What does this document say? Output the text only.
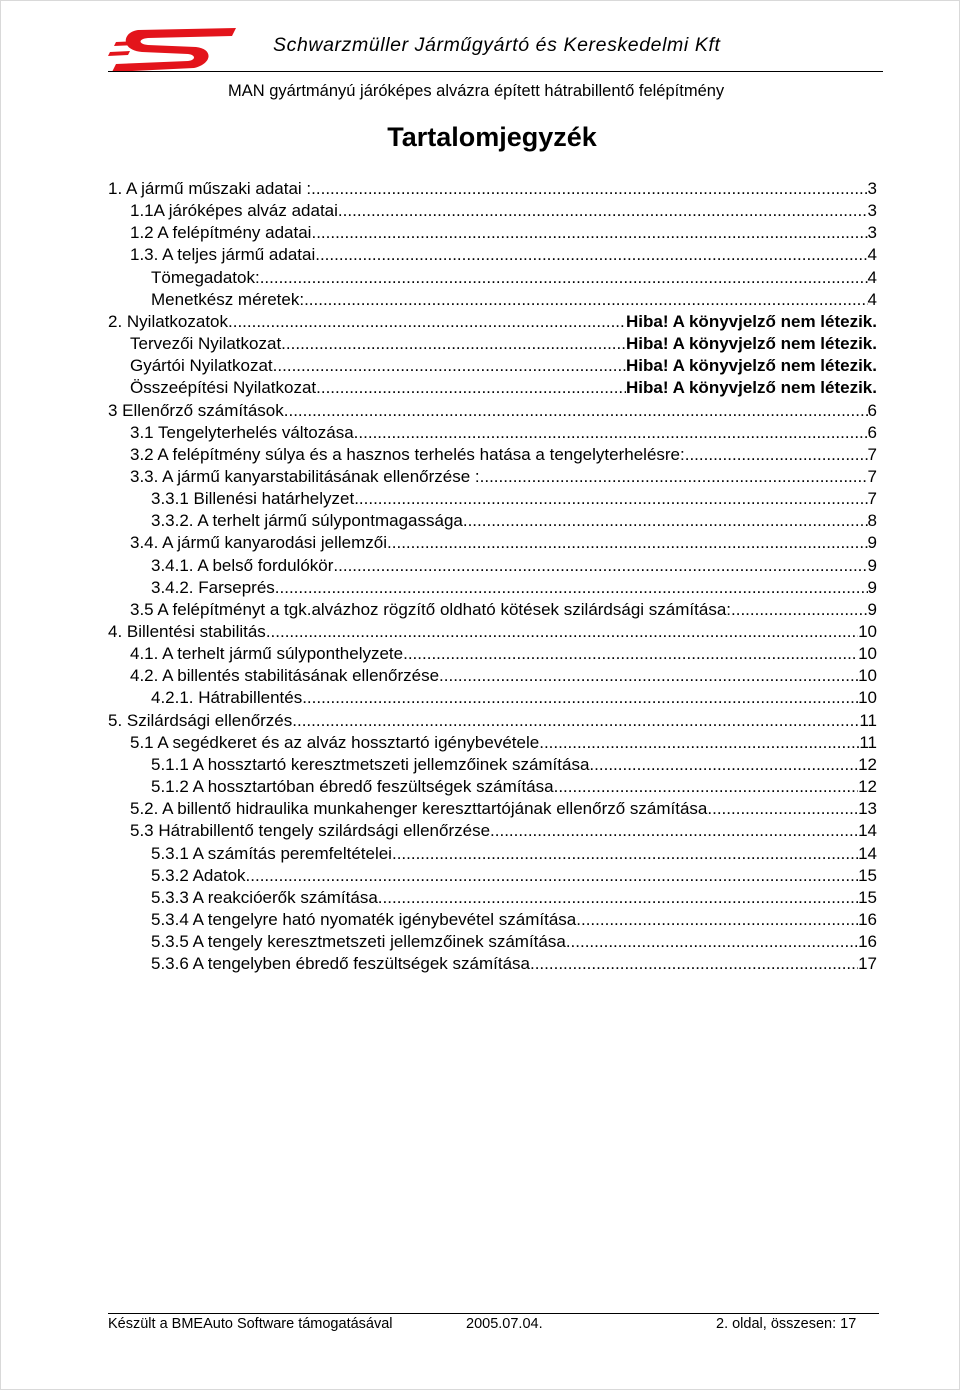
Schwarzmüller Járműgyártó és Kereskedelmi Kft
MAN gyártmányú járóképes alvázra épített hátrabillentő felépítmény
Tartalomjegyzék
1. A jármű műszaki adatai : .....	3
1.1A járóképes alváz adatai .....	3
1.2 A felépítmény adatai .....	3
1.3. A teljes jármű adatai .....	4
Tömegadatok: .....	4
Menetkész méretek: .....	4
2. Nyilatkozatok .....	Hiba! A könyvjelző nem létezik.
Tervezői Nyilatkozat .....	Hiba! A könyvjelző nem létezik.
Gyártói Nyilatkozat .....	Hiba! A könyvjelző nem létezik.
Összeépítési Nyilatkozat .....	Hiba! A könyvjelző nem létezik.
3 Ellenőrző számítások .....	6
3.1 Tengelyterhelés változása .....	6
3.2 A felépítmény súlya és a hasznos terhelés hatása a tengelyterhelésre: .....	7
3.3. A jármű kanyarstabilitásának ellenőrzése : .....	7
3.3.1 Billenési határhelyzet .....	7
3.3.2. A terhelt jármű súlypontmagassága .....	8
3.4. A jármű kanyarodási jellemzői .....	9
3.4.1. A belső fordulókör .....	9
3.4.2. Farseprés .....	9
3.5 A felépítményt a tgk.alvázhoz rögzítő oldható kötések szilárdsági számítása: .....	9
4. Billentési stabilitás .....	10
4.1. A terhelt jármű súlyponthelyzete .....	10
4.2. A billentés stabilitásának ellenőrzése. .....	10
4.2.1. Hátrabillentés .....	10
5. Szilárdsági ellenőrzés .....	11
5.1 A segédkeret és az alváz hossztartó igénybevétele .....	11
5.1.1 A hossztartó keresztmetszeti jellemzőinek számítása .....	12
5.1.2 A hossztartóban ébredő feszültségek számítása .....	12
5.2. A billentő hidraulika munkahenger kereszttartójának ellenőrző számítása. .....	13
5.3 Hátrabillentő tengely szilárdsági ellenőrzése. .....	14
5.3.1 A számítás peremfeltételei .....	14
5.3.2 Adatok .....	15
5.3.3 A reakcióerők számítása .....	15
5.3.4 A tengelyre ható nyomaték igénybevétel számítása .....	16
5.3.5 A tengely keresztmetszeti jellemzőinek számítása .....	16
5.3.6 A tengelyben ébredő feszültségek számítása .....	17
Készült a BMEAuto Software támogatásával	2005.07.04.	2. oldal, összesen: 17
